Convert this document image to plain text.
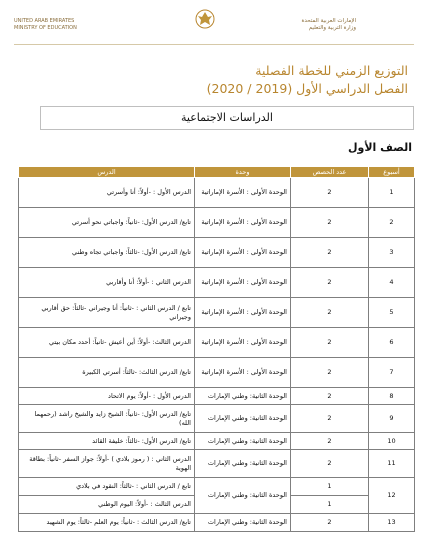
UNITED ARAB EMIRATES
MINISTRY OF EDUCATION
الإمارات العربية المتحدة
وزارة التربية والتعليم
التوزيع الزمني للخطة الفصلية
الفصل الدراسي الأول (2019 / 2020)
الدراسات الاجتماعية
الصف الأول
أسبوع	عدد الحصص	وحدة	الدرس
1	2	الوحدة الأولى : الأسرة الإماراتية	الدرس الأول : -أولاً: أنا وأسرتي
2	2	الوحدة الأولى : الأسرة الإماراتية	تابع/ الدرس الأول: -ثانياً: واجباتي نحو أسرتي
3	2	الوحدة الأولى : الأسرة الإماراتية	تابع/ الدرس الأول: -ثالثاً: واجباتي تجاه وطني
4	2	الوحدة الأولى : الأسرة الإماراتية	الدرس الثاني : -أولاً: أنا وأقاربي
5	2	الوحدة الأولى : الأسرة الإماراتية	تابع / الدرس الثاني : -ثانياً: أنا وجيراني -ثالثاً: حق أقاربي وجيراني
6	2	الوحدة الأولى : الأسرة الإماراتية	الدرس الثالث: -أولاً: أين أعيش -ثانياً: أحدد مكان بيتي
7	2	الوحدة الأولى : الأسرة الإماراتية	تابع/ الدرس الثالث: -ثالثاً: أسرتي الكبيرة
8	2	الوحدة الثانية: وطني الإمارات	الدرس الأول : -أولاً: يوم الاتحاد
9	2	الوحدة الثانية: وطني الإمارات	تابع/ الدرس الأول: -ثانياً: الشيخ زايد والشيخ راشد (رحمهما الله)
10	2	الوحدة الثانية: وطني الإمارات	تابع/ الدرس الأول: -ثالثاً: خليفة القائد
11	2	الوحدة الثانية: وطني الإمارات	الدرس الثاني : ( رموز بلادي ) -أولاً: جواز السفر -ثانياً: بطاقة الهوية
12	1	الوحدة الثانية: وطني الإمارات	تابع / الدرس الثاني : -ثالثاً: النقود في بلادي
	1		الدرس الثالث : -أولاً: اليوم الوطني
13	2	الوحدة الثانية: وطني الإمارات	تابع/ الدرس الثالث : -ثانياً: يوم العلم -ثالثاً: يوم الشهيد
